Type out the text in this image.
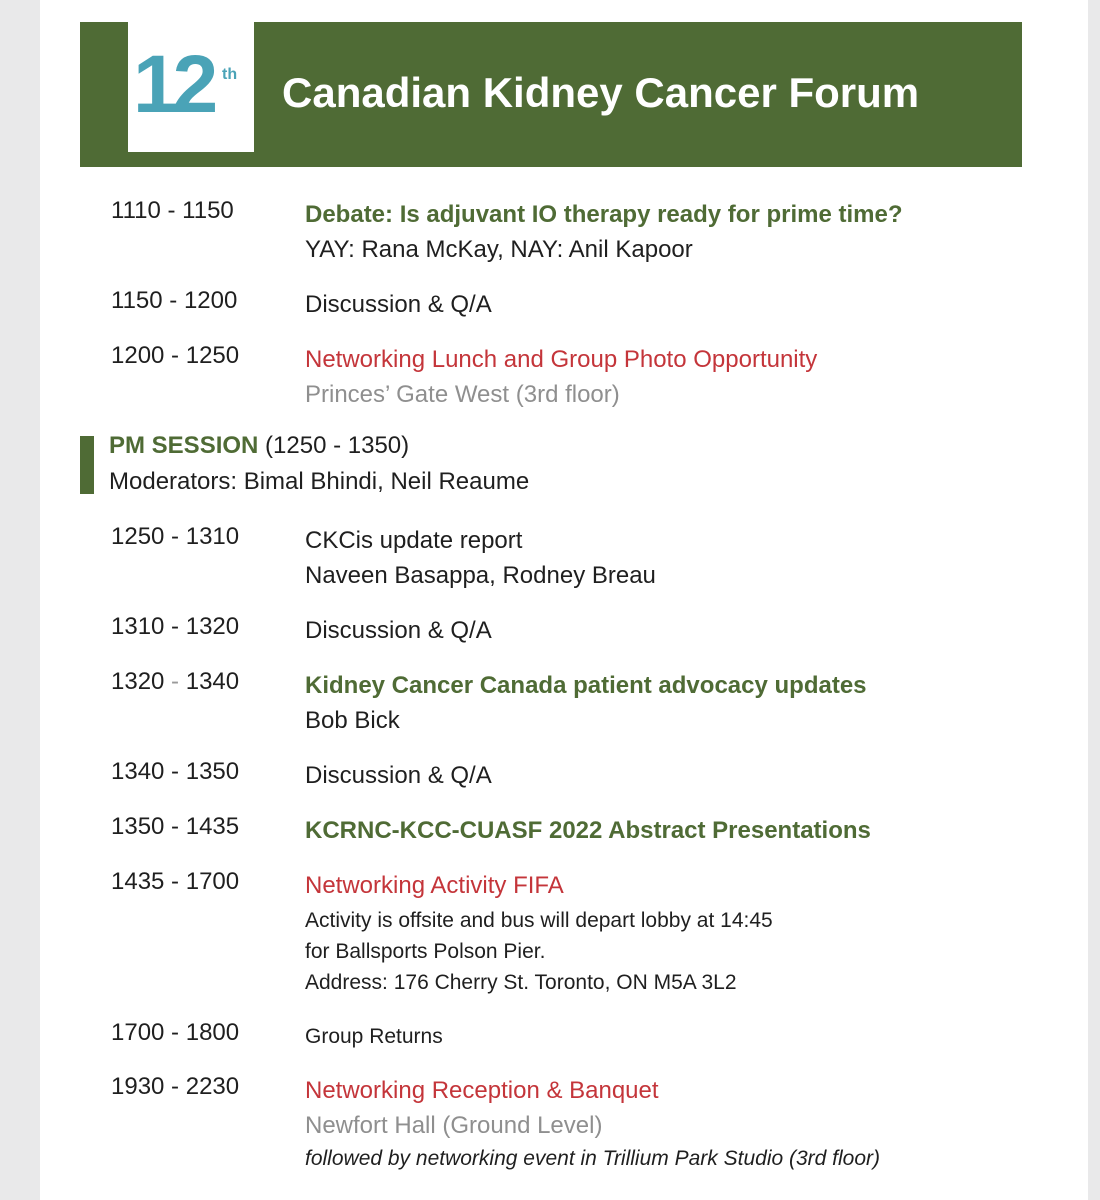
12 th Canadian Kidney Cancer Forum
1110 - 1150	Debate: Is adjuvant IO therapy ready for prime time?
YAY: Rana McKay, NAY: Anil Kapoor
1150 - 1200	Discussion & Q/A
1200 - 1250	Networking Lunch and Group Photo Opportunity
Princes’ Gate West (3rd floor)
PM SESSION (1250 - 1350)
Moderators: Bimal Bhindi, Neil Reaume
1250 - 1310	CKCis update report
Naveen Basappa, Rodney Breau
1310 - 1320	Discussion & Q/A
1320 - 1340	Kidney Cancer Canada patient advocacy updates
Bob Bick
1340 - 1350	Discussion & Q/A
1350 - 1435	KCRNC-KCC-CUASF 2022 Abstract Presentations
1435 - 1700	Networking Activity FIFA
Activity is offsite and bus will depart lobby at 14:45
for Ballsports Polson Pier.
Address: 176 Cherry St. Toronto, ON M5A 3L2
1700 - 1800	Group Returns
1930 - 2230	Networking Reception & Banquet
Newfort Hall (Ground Level)
followed by networking event in Trillium Park Studio (3rd floor)
